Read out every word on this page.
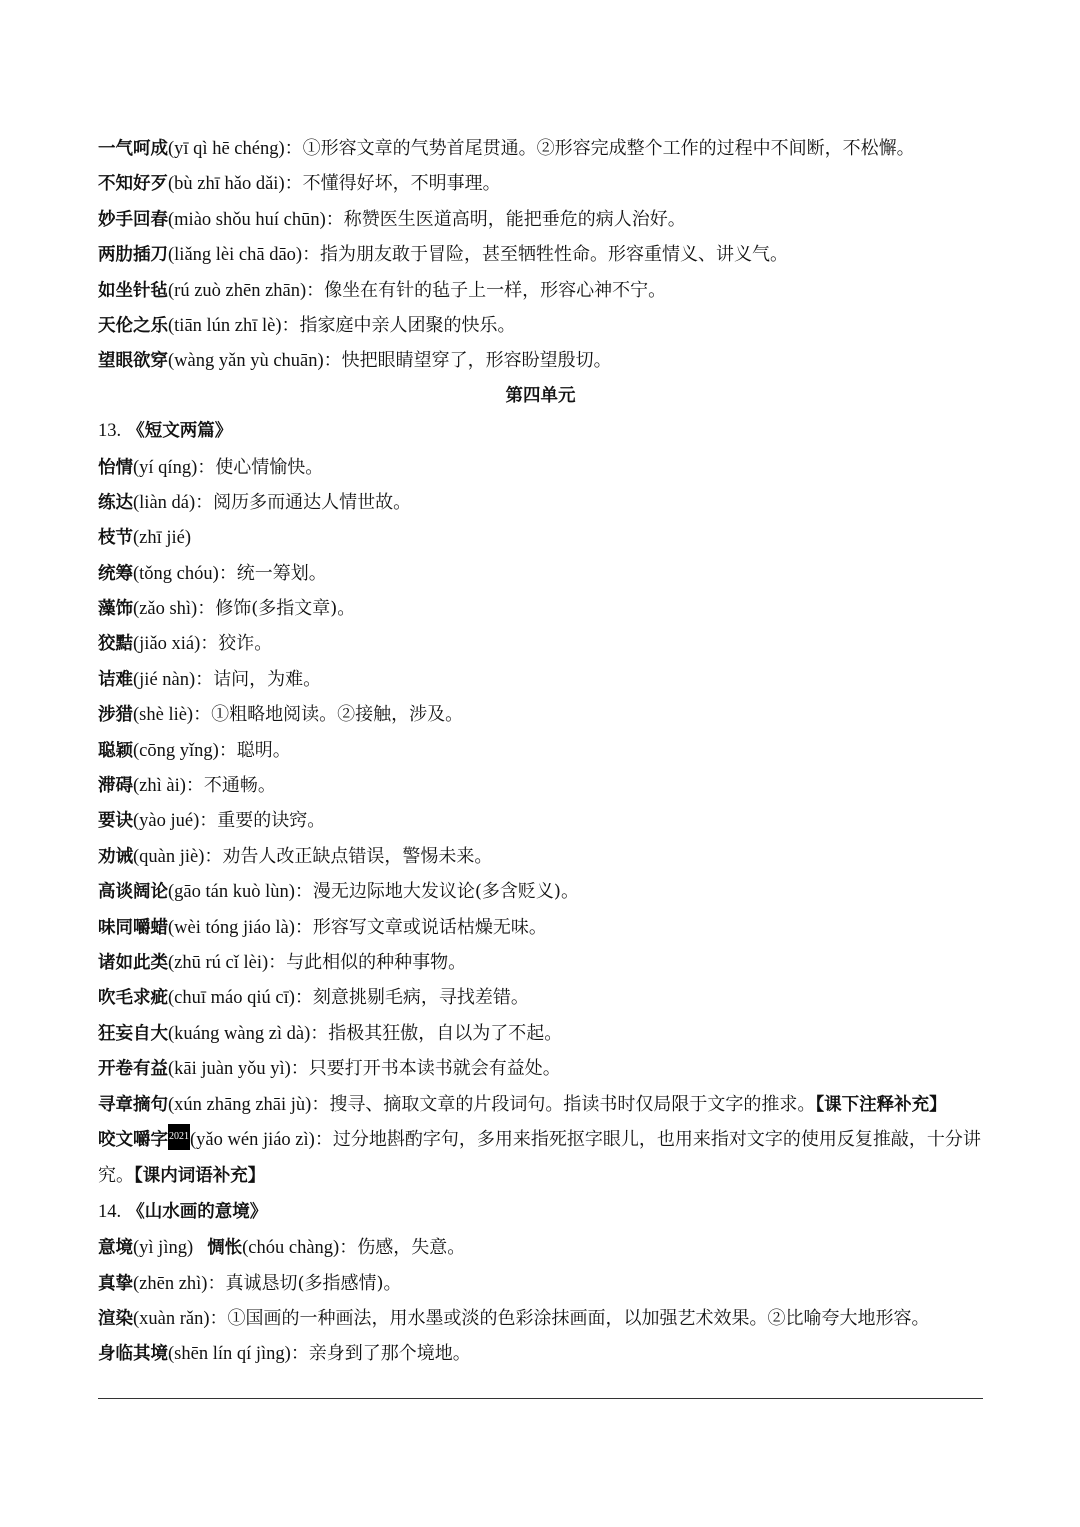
一气呵成(yī qì hē chéng)：①形容文章的气势首尾贯通。②形容完成整个工作的过程中不间断，不松懈。
不知好歹(bù zhī hǎo dǎi)：不懂得好坏，不明事理。
妙手回春(miào shǒu huí chūn)：称赞医生医道高明，能把垂危的病人治好。
两肋插刀(liǎng lèi chā dāo)：指为朋友敢于冒险，甚至牺牲性命。形容重情义、讲义气。
如坐针毡(rú zuò zhēn zhān)：像坐在有针的毡子上一样，形容心神不宁。
天伦之乐(tiān lún zhī lè)：指家庭中亲人团聚的快乐。
望眼欲穿(wàng yǎn yù chuān)：快把眼睛望穿了，形容盼望殷切。
第四单元
13. 《短文两篇》
怡情(yí qíng)：使心情愉快。
练达(liàn dá)：阅历多而通达人情世故。
枝节(zhī jié)
统筹(tǒng chóu)：统一筹划。
藻饰(zǎo shì)：修饰(多指文章)。
狡黠(jiǎo xiá)：狡诈。
诘难(jié nàn)：诘问，为难。
涉猎(shè liè)：①粗略地阅读。②接触，涉及。
聪颖(cōng yǐng)：聪明。
滞碍(zhì ài)：不通畅。
要诀(yào jué)：重要的诀窍。
劝诫(quàn jiè)：劝告人改正缺点错误，警惕未来。
高谈阔论(gāo tán kuò lùn)：漫无边际地大发议论(多含贬义)。
味同嚼蜡(wèi tóng jiáo là)：形容写文章或说话枯燥无味。
诸如此类(zhū rú cǐ lèi)：与此相似的种种事物。
吹毛求疵(chuī máo qiú cī)：刻意挑剔毛病，寻找差错。
狂妄自大(kuáng wàng zì dà)：指极其狂傲，自以为了不起。
开卷有益(kāi juàn yǒu yì)：只要打开书本读书就会有益处。
寻章摘句(xún zhāng zhāi jù)：搜寻、摘取文章的片段词句。指读书时仅局限于文字的推求。【课下注释补充】
咬文嚼字2021(yǎo wén jiáo zì)：过分地斟酌字句，多用来指死抠字眼儿，也用来指对文字的使用反复推敲，十分讲究。【课内词语补充】
14. 《山水画的意境》
意境(yì jìng) 惆怅(chóu chàng)：伤感，失意。
真挚(zhēn zhì)：真诚恳切(多指感情)。
渲染(xuàn rǎn)：①国画的一种画法，用水墨或淡的色彩涂抹画面，以加强艺术效果。②比喻夸大地形容。
身临其境(shēn lín qí jìng)：亲身到了那个境地。
